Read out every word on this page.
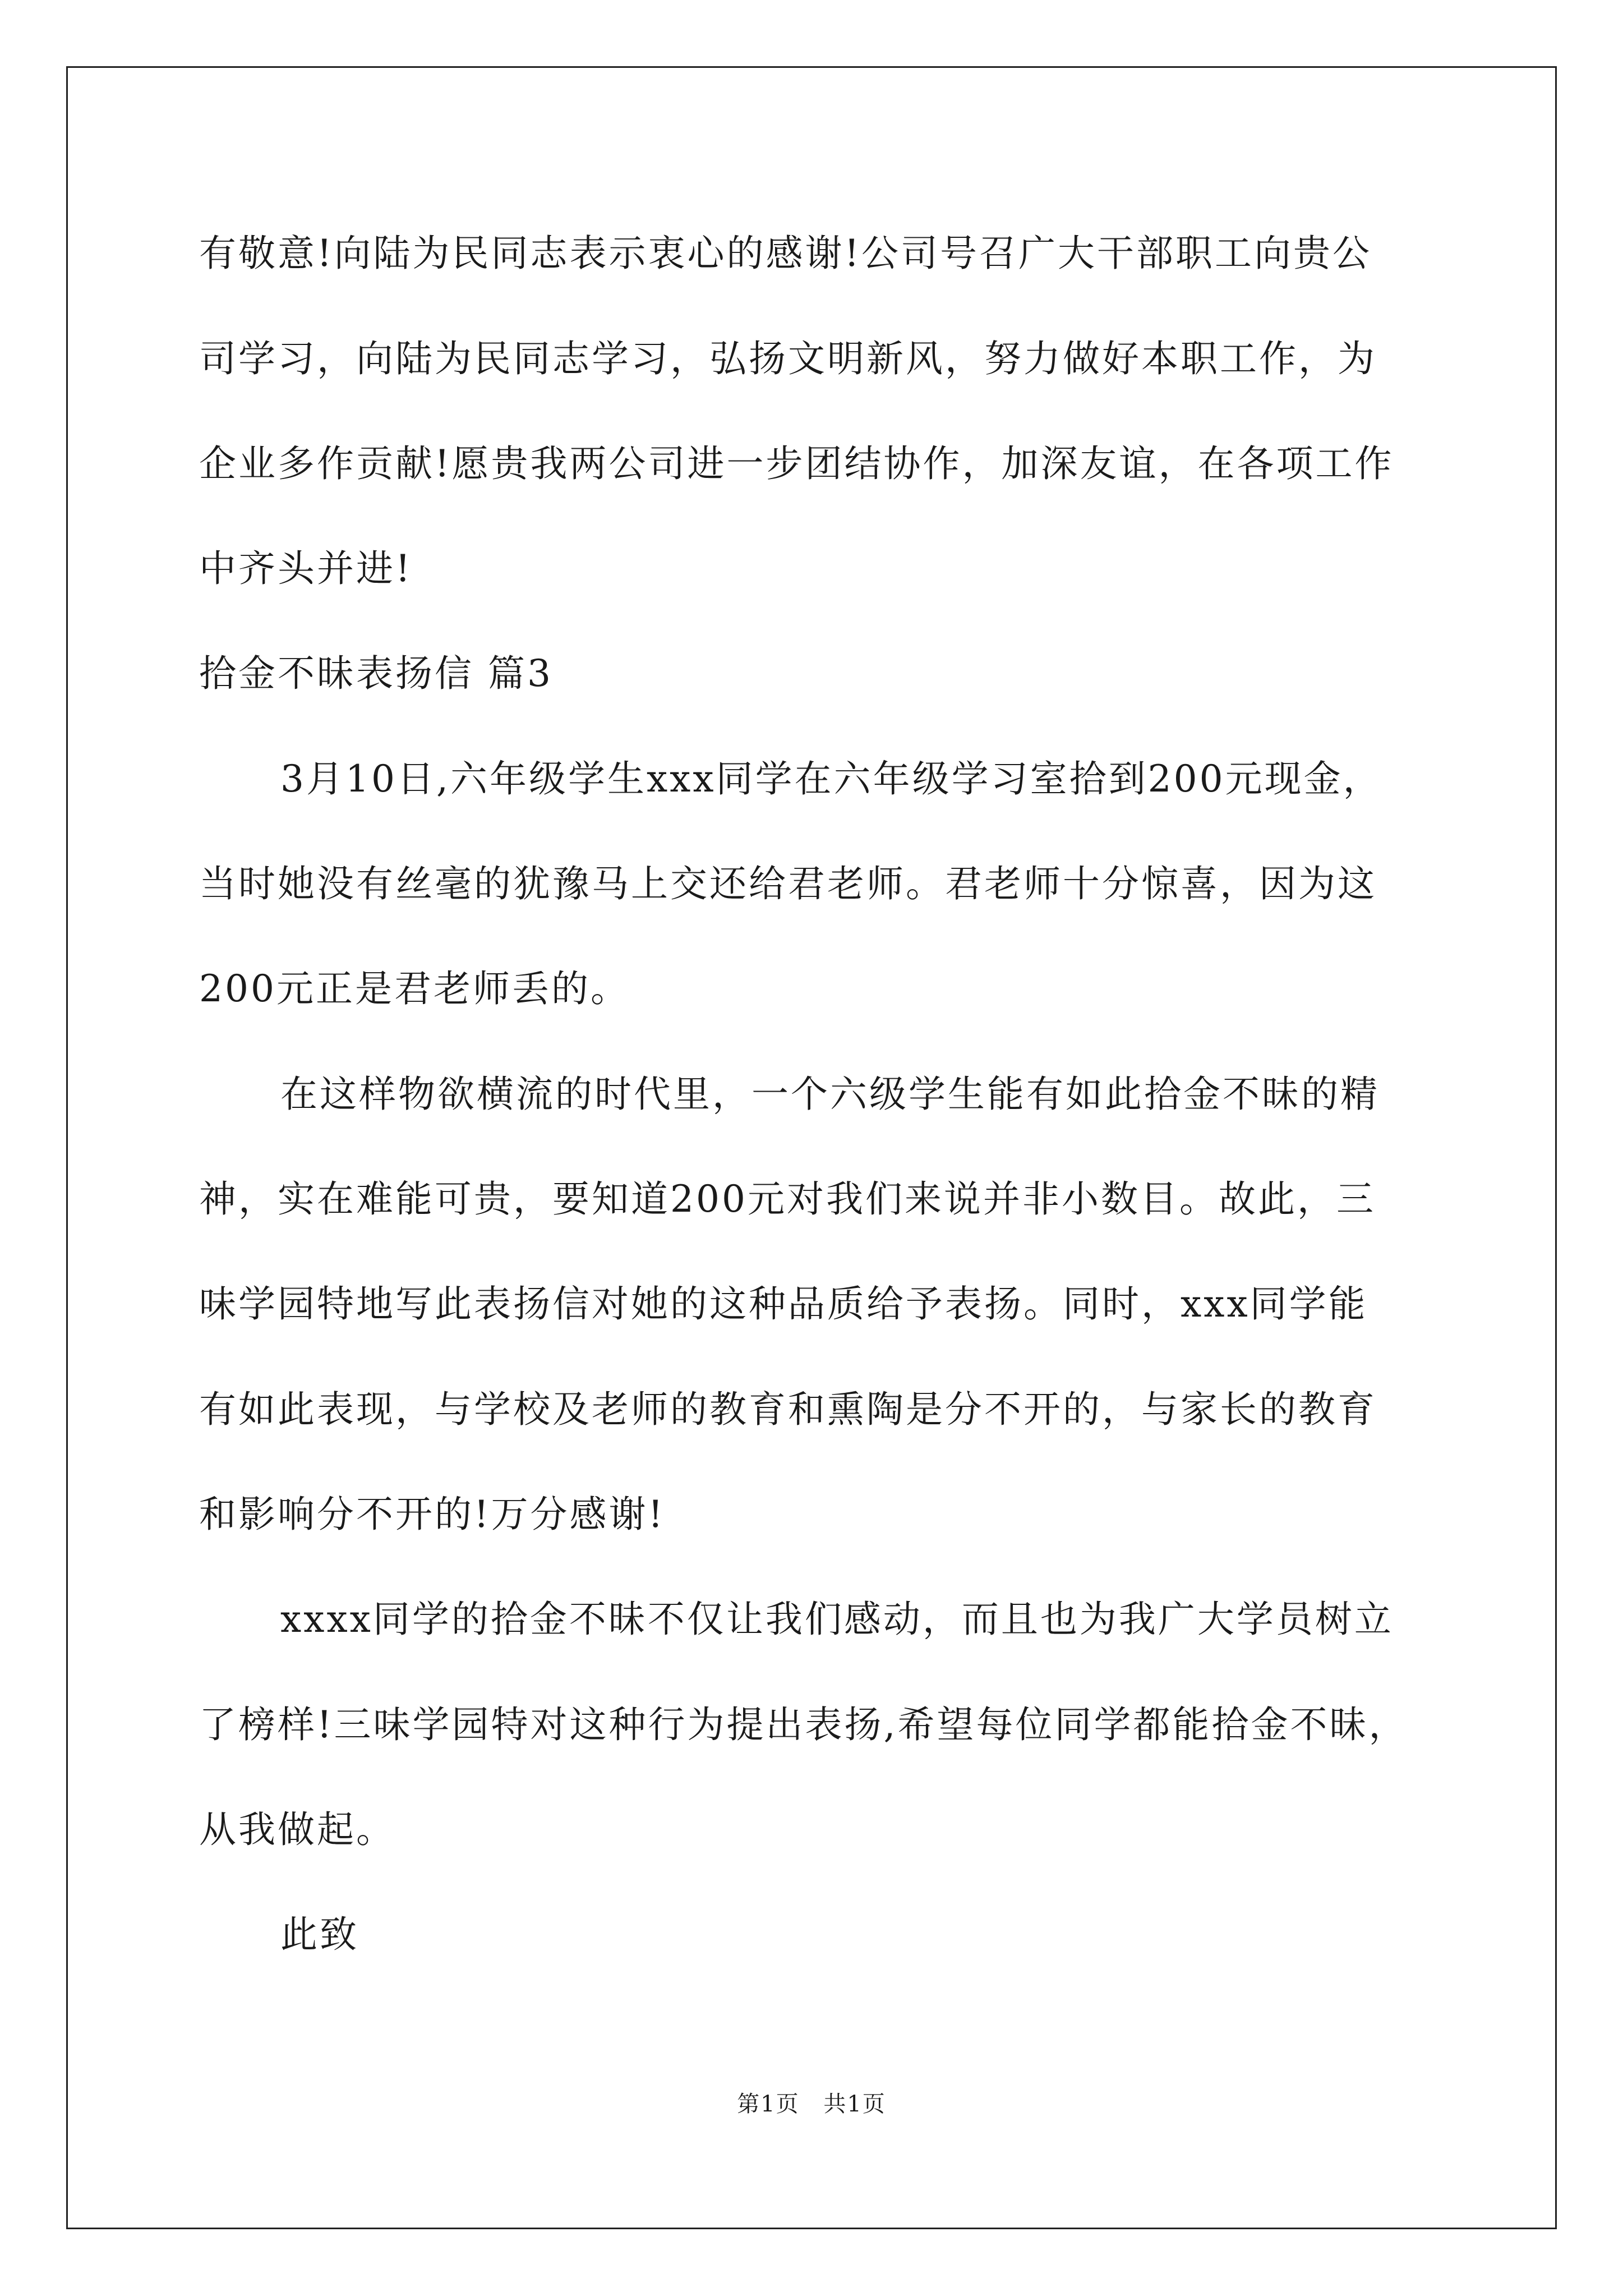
有敬意!向陆为民同志表示衷心的感谢!公司号召广大干部职工向贵公
司学习，向陆为民同志学习，弘扬文明新风，努力做好本职工作，为
企业多作贡献!愿贵我两公司进一步团结协作，加深友谊，在各项工作
中齐头并进!
拾金不昧表扬信 篇3
3月10日,六年级学生xxx同学在六年级学习室拾到200元现金，
当时她没有丝毫的犹豫马上交还给君老师。君老师十分惊喜，因为这
200元正是君老师丢的。
在这样物欲横流的时代里，一个六级学生能有如此拾金不昧的精
神，实在难能可贵，要知道200元对我们来说并非小数目。故此，三
味学园特地写此表扬信对她的这种品质给予表扬。同时，xxx同学能
有如此表现，与学校及老师的教育和熏陶是分不开的，与家长的教育
和影响分不开的!万分感谢!
xxxx同学的拾金不昧不仅让我们感动，而且也为我广大学员树立
了榜样!三味学园特对这种行为提出表扬,希望每位同学都能拾金不昧，
从我做起。
此致
第1页 共1页
